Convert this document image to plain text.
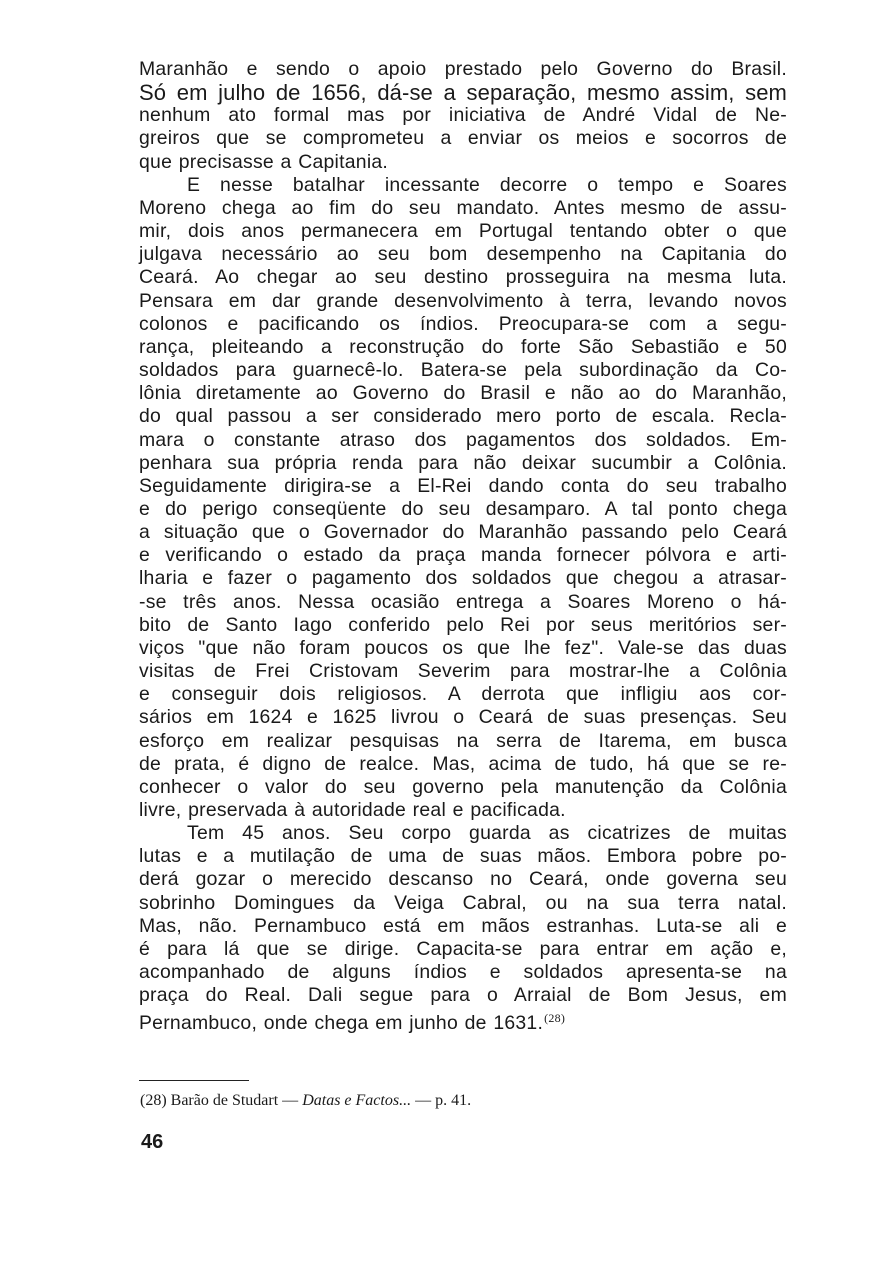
Maranhão e sendo o apoio prestado pelo Governo do Brasil.
Só em julho de 1656, dá-se a separação, mesmo assim, sem
nenhum ato formal mas por iniciativa de André Vidal de Ne-
greiros que se comprometeu a enviar os meios e socorros de
que precisasse a Capitania.

E nesse batalhar incessante decorre o tempo e Soares
Moreno chega ao fim do seu mandato. Antes mesmo de assu-
mir, dois anos permanecera em Portugal tentando obter o que
julgava necessário ao seu bom desempenho na Capitania do
Ceará. Ao chegar ao seu destino prosseguira na mesma luta.
Pensara em dar grande desenvolvimento à terra, levando novos
colonos e pacificando os índios. Preocupara-se com a segu-
rança, pleiteando a reconstrução do forte São Sebastião e 50
soldados para guarnecê-lo. Batera-se pela subordinação da Co-
lônia diretamente ao Governo do Brasil e não ao do Maranhão,
do qual passou a ser considerado mero porto de escala. Recla-
mara o constante atraso dos pagamentos dos soldados. Em-
penhara sua própria renda para não deixar sucumbir a Colônia.
Seguidamente dirigira-se a El-Rei dando conta do seu trabalho
e do perigo conseqüente do seu desamparo. A tal ponto chega
a situação que o Governador do Maranhão passando pelo Ceará
e verificando o estado da praça manda fornecer pólvora e arti-
lharia e fazer o pagamento dos soldados que chegou a atrasar-
-se três anos. Nessa ocasião entrega a Soares Moreno o há-
bito de Santo Iago conferido pelo Rei por seus meritórios ser-
viços "que não foram poucos os que lhe fez". Vale-se das duas
visitas de Frei Cristovam Severim para mostrar-lhe a Colônia
e conseguir dois religiosos. A derrota que infligiu aos cor-
sários em 1624 e 1625 livrou o Ceará de suas presenças. Seu
esforço em realizar pesquisas na serra de Itarema, em busca
de prata, é digno de realce. Mas, acima de tudo, há que se re-
conhecer o valor do seu governo pela manutenção da Colônia
livre, preservada à autoridade real e pacificada.

Tem 45 anos. Seu corpo guarda as cicatrizes de muitas
lutas e a mutilação de uma de suas mãos. Embora pobre po-
derá gozar o merecido descanso no Ceará, onde governa seu
sobrinho Domingues da Veiga Cabral, ou na sua terra natal.
Mas, não. Pernambuco está em mãos estranhas. Luta-se ali e
é para lá que se dirige. Capacita-se para entrar em ação e,
acompanhado de alguns índios e soldados apresenta-se na
praça do Real. Dali segue para o Arraial de Bom Jesus, em
Pernambuco, onde chega em junho de 1631.$^{(28)}$

(28) Barão de Studart — Datas e Factos... — p. 41.
46
